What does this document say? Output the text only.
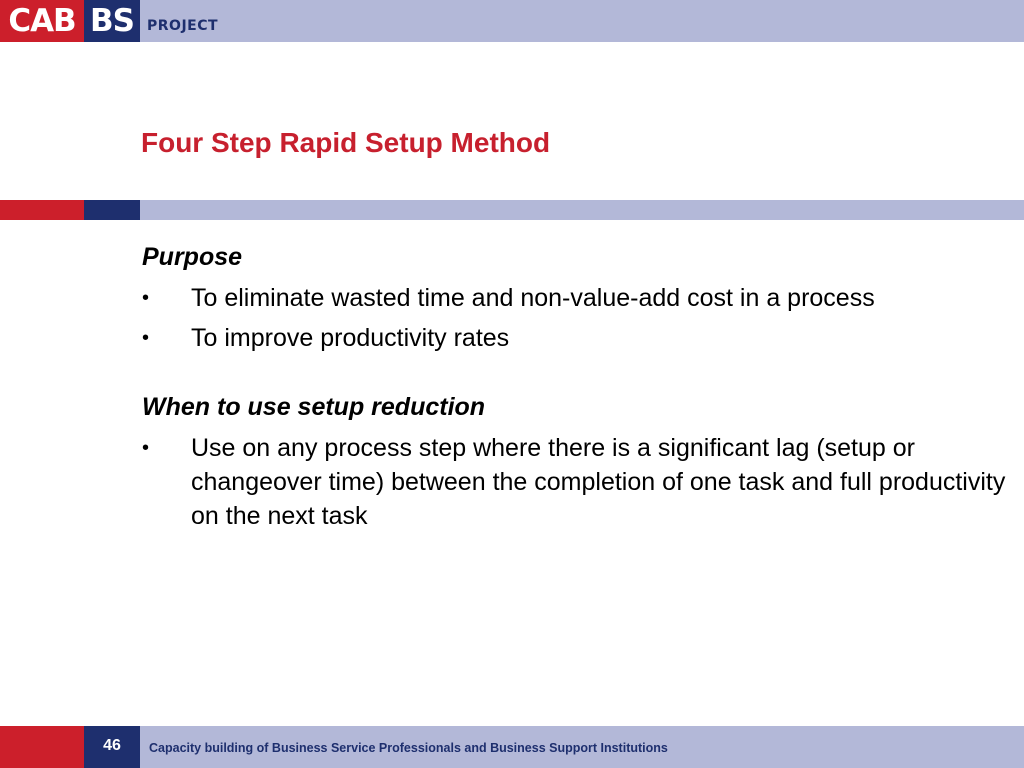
CAB BS PROJECT
Four Step Rapid Setup Method

Purpose

• To eliminate wasted time and non-value-add cost in a process
• To improve productivity rates

When to use setup reduction

• Use on any process step where there is a significant lag (setup or changeover time) between the completion of one task and full productivity on the next task
46	Capacity building of Business Service Professionals and Business Support Institutions
